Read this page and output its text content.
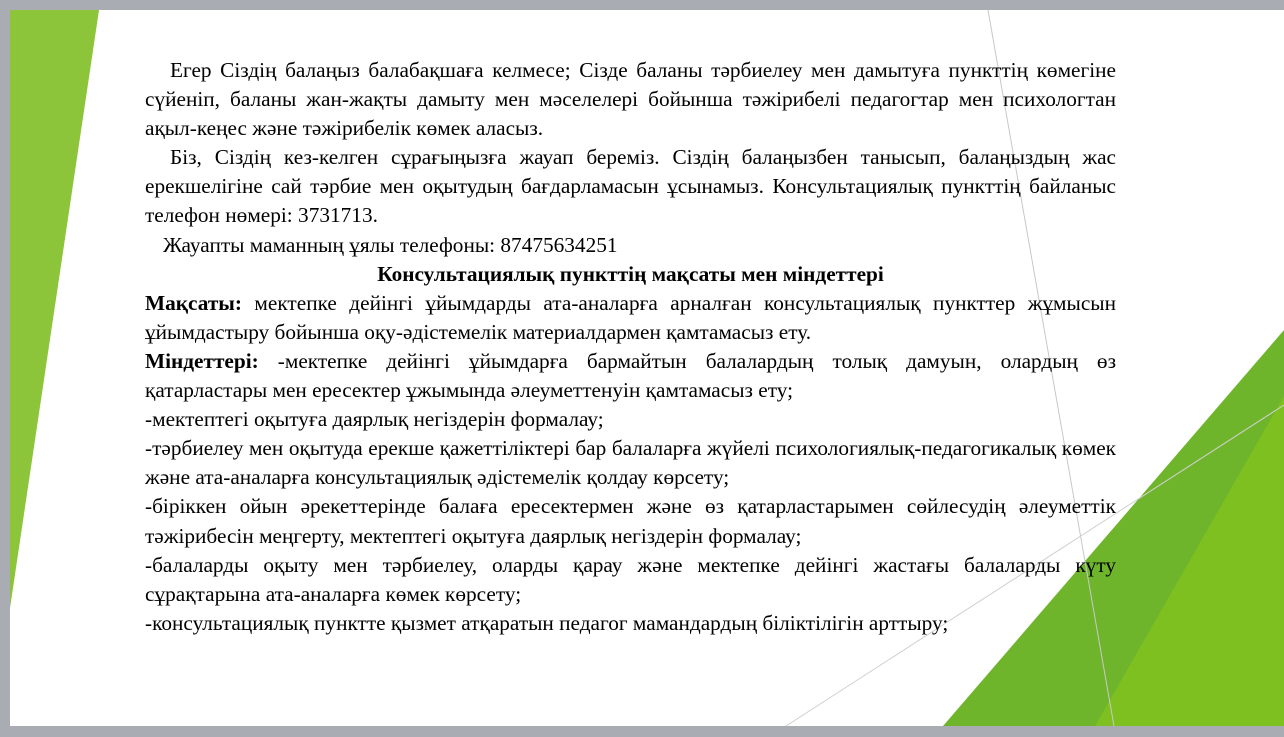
Егер Сіздің балаңыз балабақшаға келмесе; Сізде баланы тәрбиелеу мен дамытуға пункттің көмегіне сүйеніп, баланы жан-жақты дамыту мен мәселелері бойынша тәжірибелі педагогтар мен психологтан ақыл-кеңес және тәжірибелік көмек аласыз.

Біз, Сіздің кез-келген сұрағыңызға жауап береміз. Сіздің балаңызбен танысып, балаңыздың жас ерекшелігіне сай тәрбие мен оқытудың бағдарламасын ұсынамыз. Консультациялық пункттің байланыс телефон нөмері: 3731713.

Жауапты маманның ұялы телефоны: 87475634251

Консультациялық пункттің мақсаты мен міндеттері

Мақсаты: мектепке дейінгі ұйымдарды ата-аналарға арналған консультациялық пункттер жұмысын ұйымдастыру бойынша оқу-әдістемелік материалдармен қамтамасыз ету.

Міндеттері: -мектепке дейінгі ұйымдарға бармайтын балалардың толық дамуын, олардың өз қатарластары мен ересектер ұжымында әлеуметтенуін қамтамасыз ету;

-мектептегі оқытуға даярлық негіздерін формалау;

-тәрбиелеу мен оқытуда ерекше қажеттіліктері бар балаларға жүйелі психологиялық-педагогикалық көмек және ата-аналарға консультациялық әдістемелік қолдау көрсету;

-біріккен ойын әрекеттерінде балаға ересектермен және өз қатарластарымен сөйлесудің әлеуметтік тәжірибесін меңгерту, мектептегі оқытуға даярлық негіздерін формалау;

-балаларды оқыту мен тәрбиелеу, оларды қарау және мектепке дейінгі жастағы балаларды күту сұрақтарына ата-аналарға көмек көрсету;

-консультациялық пунктте қызмет атқаратын педагог мамандардың біліктілігін арттыру;
